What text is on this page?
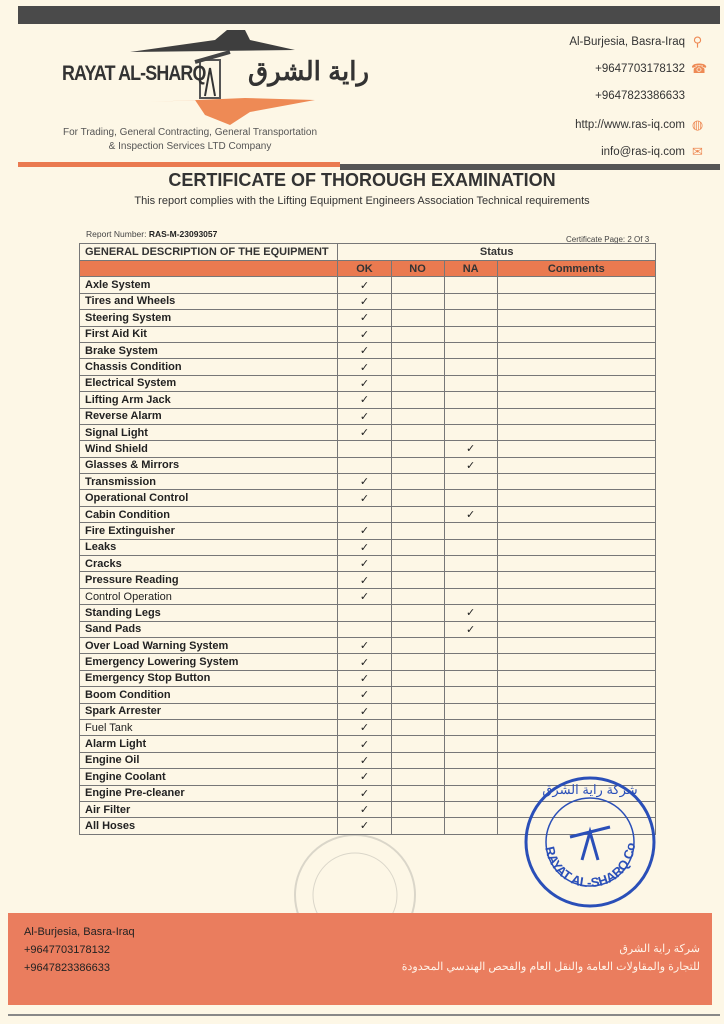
RAYAT AL-SHARQ راية الشرق
For Trading, General Contracting, General Transportation
& Inspection Services LTD Company
Al-Burjesia, Basra-Iraq ⚲
+9647703178132 ☎
+9647823386633
http://www.ras-iq.com ◍
info@ras-iq.com ✉
CERTIFICATE OF THOROUGH EXAMINATION
This report complies with the Lifting Equipment Engineers Association Technical requirements
Report Number: RAS-M-23093057
Certificate Page: 2 Of 3
GENERAL DESCRIPTION OF THE EQUIPMENT	Status			
	OK	NO	NA	Comments
Axle System	✓			
Tires and Wheels	✓			
Steering System	✓			
First Aid Kit	✓			
Brake System	✓			
Chassis Condition	✓			
Electrical System	✓			
Lifting Arm Jack	✓			
Reverse Alarm	✓			
Signal Light	✓			
Wind Shield			✓	
Glasses & Mirrors			✓	
Transmission	✓			
Operational Control	✓			
Cabin Condition			✓	
Fire Extinguisher	✓			
Leaks	✓			
Cracks	✓			
Pressure Reading	✓			
Control Operation	✓			
Standing Legs			✓	
Sand Pads			✓	
Over Load Warning System	✓			
Emergency Lowering System	✓			
Emergency Stop Button	✓			
Boom Condition	✓			
Spark Arrester	✓			
Fuel Tank	✓			
Alarm Light	✓			
Engine Oil	✓			
Engine Coolant	✓			
Engine Pre-cleaner	✓			
Air Filter	✓			
All Hoses	✓			
RAYAT AL-SHARQ Co
شركة راية الشرق
Al-Burjesia, Basra-Iraq
+9647703178132
+9647823386633
شركة راية الشرق
للتجارة والمقاولات العامة والنقل العام والفحص الهندسي المحدودة
